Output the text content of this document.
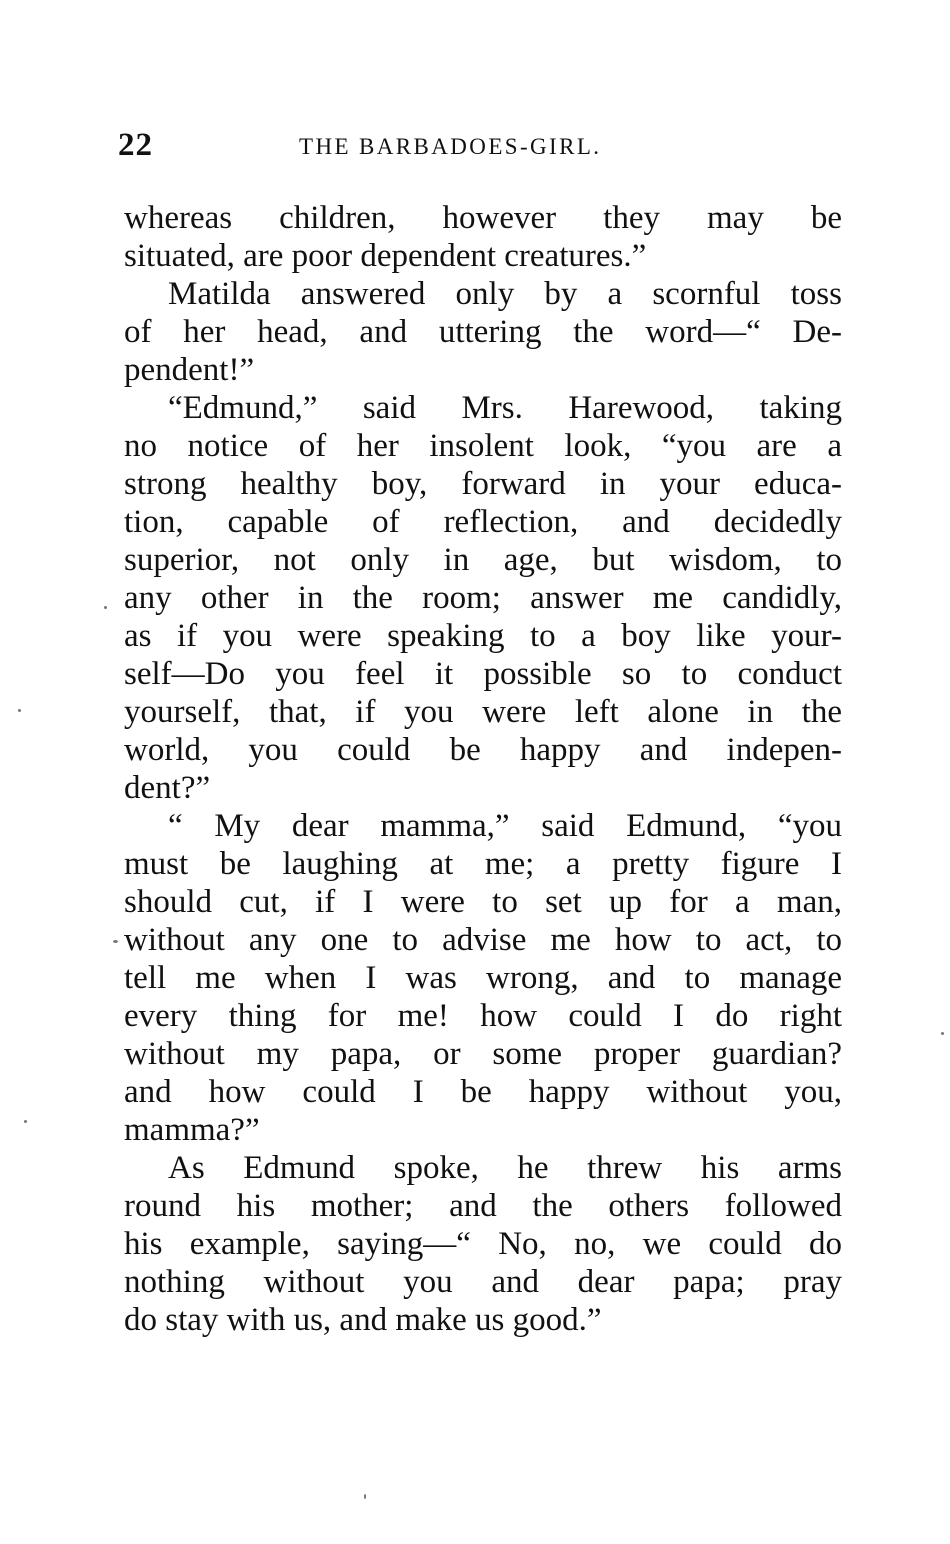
22	THE BARBADOES-GIRL.
whereas children, however they may be
situated, are poor dependent creatures.”
Matilda answered only by a scornful toss
of her head, and uttering the word—“ De-
pendent!”
“Edmund,” said Mrs. Harewood, taking
no notice of her insolent look, “you are a
strong healthy boy, forward in your educa-
tion, capable of reflection, and decidedly
superior, not only in age, but wisdom, to
any other in the room; answer me candidly,
as if you were speaking to a boy like your-
self—Do you feel it possible so to conduct
yourself, that, if you were left alone in the
world, you could be happy and indepen-
dent?”
“ My dear mamma,” said Edmund, “you
must be laughing at me; a pretty figure I
should cut, if I were to set up for a man,
without any one to advise me how to act, to
tell me when I was wrong, and to manage
every thing for me! how could I do right
without my papa, or some proper guardian?
and how could I be happy without you,
mamma?”
As Edmund spoke, he threw his arms
round his mother; and the others followed
his example, saying—“ No, no, we could do
nothing without you and dear papa; pray
do stay with us, and make us good.”
